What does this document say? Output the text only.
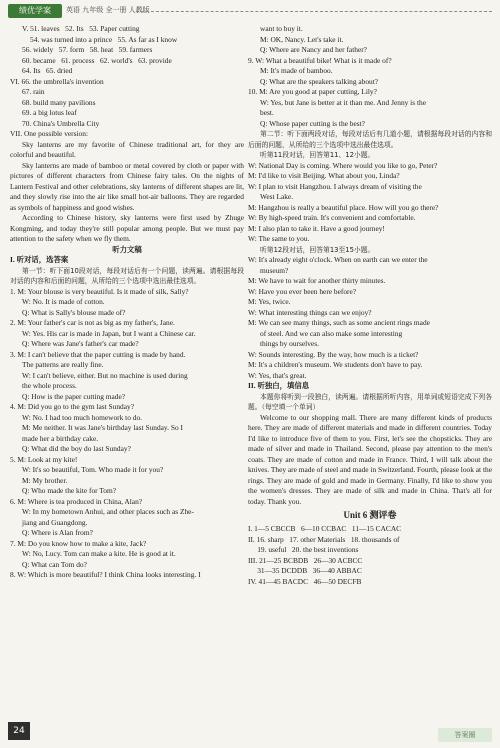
绩优学案	英语 九年级 全一册 人教版
V. 51. leaves   52. Its   53. Paper cutting
54. was turned into a prince   55. As far as I know
56. widely   57. form   58. heat   59. farmers
60. became   61. process   62. world's   63. provide
64. Its   65. dried
VI. 66. the umbrella's invention
67. rain
68. build many pavilions
69. a big lotus leaf
70. China's Umbrella City
VII. One possible version:
Sky lanterns are my favorite of Chinese traditional art, for they are colorful and beautiful.
Sky lanterns are made of bamboo or metal covered by cloth or paper with pictures of different characters from Chinese fairy tales. On the nights of Lantern Festival and other celebrations, sky lanterns of different shapes are lit, and they slowly rise into the air like small hot-air balloons. They are regarded as symbols of happiness and good wishes.
According to Chinese history, sky lanterns were first used by Zhuge Kongming, and today they're still popular among people. But we must pay attention to the safety when we fly them.
听力文稿
I. 听对话，选答案
第一节：听下面10段对话，每段对话后有一个问题，读两遍。请根据每段对话的内容和后面的问题，从所给的三个选项中选出最佳选项。
1. M: Your blouse is very beautiful. Is it made of silk, Sally?
W: No. It is made of cotton.
Q: What is Sally's blouse made of?
2. M: Your father's car is not as big as my father's, Jane.
W: Yes. His car is made in Japan, but I want a Chinese car.
Q: Where was Jane's father's car made?
3. M: I can't believe that the paper cutting is made by hand.
The patterns are really fine.
W: I can't believe, either. But no machine is used during
the whole process.
Q: How is the paper cutting made?
4. M: Did you go to the gym last Sunday?
W: No. I had too much homework to do.
M: Me neither. It was Jane's birthday last Sunday. So I
made her a birthday cake.
Q: What did the boy do last Sunday?
5. M: Look at my kite!
W: It's so beautiful, Tom. Who made it for you?
M: My brother.
Q: Who made the kite for Tom?
6. M: Where is tea produced in China, Alan?
W: In my hometown Anhui, and other places such as Zhe-
jiang and Guangdong.
Q: Where is Alan from?
7. M: Do you know how to make a kite, Jack?
W: No, Lucy. Tom can make a kite. He is good at it.
Q: What can Tom do?
8. W: Which is more beautiful? I think China looks interesting. I
want to buy it.
M: OK, Nancy. Let's take it.
Q: Where are Nancy and her father?
9. W: What a beautiful bike! What is it made of?
M: It's made of bamboo.
Q: What are the speakers talking about?
10. M: Are you good at paper cutting, Lily?
W: Yes, but Jane is better at it than me. And Jenny is the
best.
Q: Whose paper cutting is the best?
第二节：听下面两段对话，每段对话后有几道小题，请根据每段对话的内容和后面的问题，从所给的三个选项中选出最佳选项。
听第11段对话，回答第11、12小题。
W: National Day is coming. Where would you like to go, Peter?
M: I'd like to visit Beijing. What about you, Linda?
W: I plan to visit Hangzhou. I always dream of visiting the
West Lake.
M: Hangzhou is really a beautiful place. How will you go there?
W: By high-speed train. It's convenient and comfortable.
M: I also plan to take it. Have a good journey!
W: The same to you.
听第12段对话，回答第13至15小题。
W: It's already eight o'clock. When on earth can we enter the
museum?
M: We have to wait for another thirty minutes.
W: Have you ever been here before?
M: Yes, twice.
W: What interesting things can we enjoy?
M: We can see many things, such as some ancient rings made
of steel. And we can also make some interesting
things by ourselves.
W: Sounds interesting. By the way, how much is a ticket?
M: It's a children's museum. We students don't have to pay.
W: Yes, that's great.
II. 听独白，填信息
本题你将听到一段独白，读两遍。请根据所听内容，用单词或短语完成下列各题。（每空填一个单词）
Welcome to our shopping mall. There are many different kinds of products here. They are made of different materials and made in different countries. Today I'd like to introduce five of them to you. First, let's see the chopsticks. They are made of silver and made in Thailand. Second, please pay attention to the men's coats. They are made of cotton and made in France. Third, I will talk about the knives. They are made of steel and made in Switzerland. Fourth, please look at the rings. They are made of gold and made in Germany. Finally, I'd like to show you the women's dresses. They are made of silk and made in China. That's all for today. Thank you.
Unit 6 测评卷
I. 1—5 CBCCB   6—10 CCBAC   11—15 CACAC
II. 16. sharp   17. other Materials   18. thousands of
19. useful   20. the best inventions
III. 21—25 BCBDB   26—30 ACBCC
31—35 DCDDB   36—40 ABBAC
IV. 41—45 BACDC   46—50 DECFB
24	答案圈
